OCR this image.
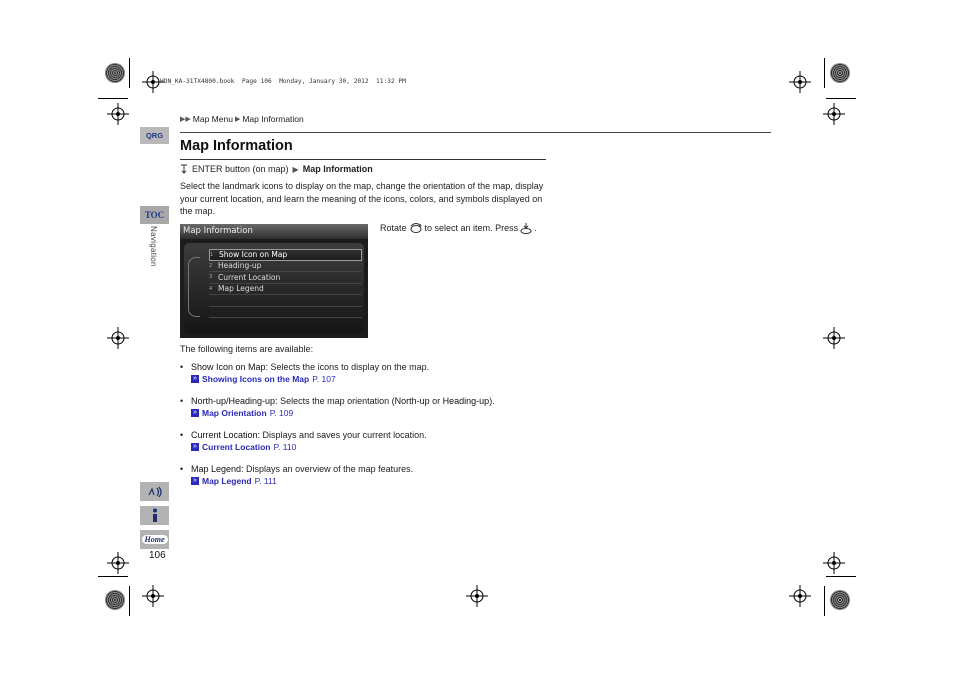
HDN_KA-31TX4800.book  Page 106  Monday, January 30, 2012  11:32 PM
▶▶ Map Menu ▶ Map Information
QRG
TOC
Navigation
Home
Map Information
ENTER button (on map) ▶ Map Information
Select the landmark icons to display on the map, change the orientation of the map, display your current location, and learn the meaning of the icons, colors, and symbols displayed on the map.
Map Information
1 Show Icon on Map
2 Heading-up
3 Current Location
4 Map Legend
Rotate to select an item. Press .
The following items are available:
• Show Icon on Map: Selects the icons to display on the map.
» Showing Icons on the Map P. 107
• North-up/Heading-up: Selects the map orientation (North-up or Heading-up).
» Map Orientation P. 109
• Current Location: Displays and saves your current location.
» Current Location P. 110
• Map Legend: Displays an overview of the map features.
» Map Legend P. 111
106
